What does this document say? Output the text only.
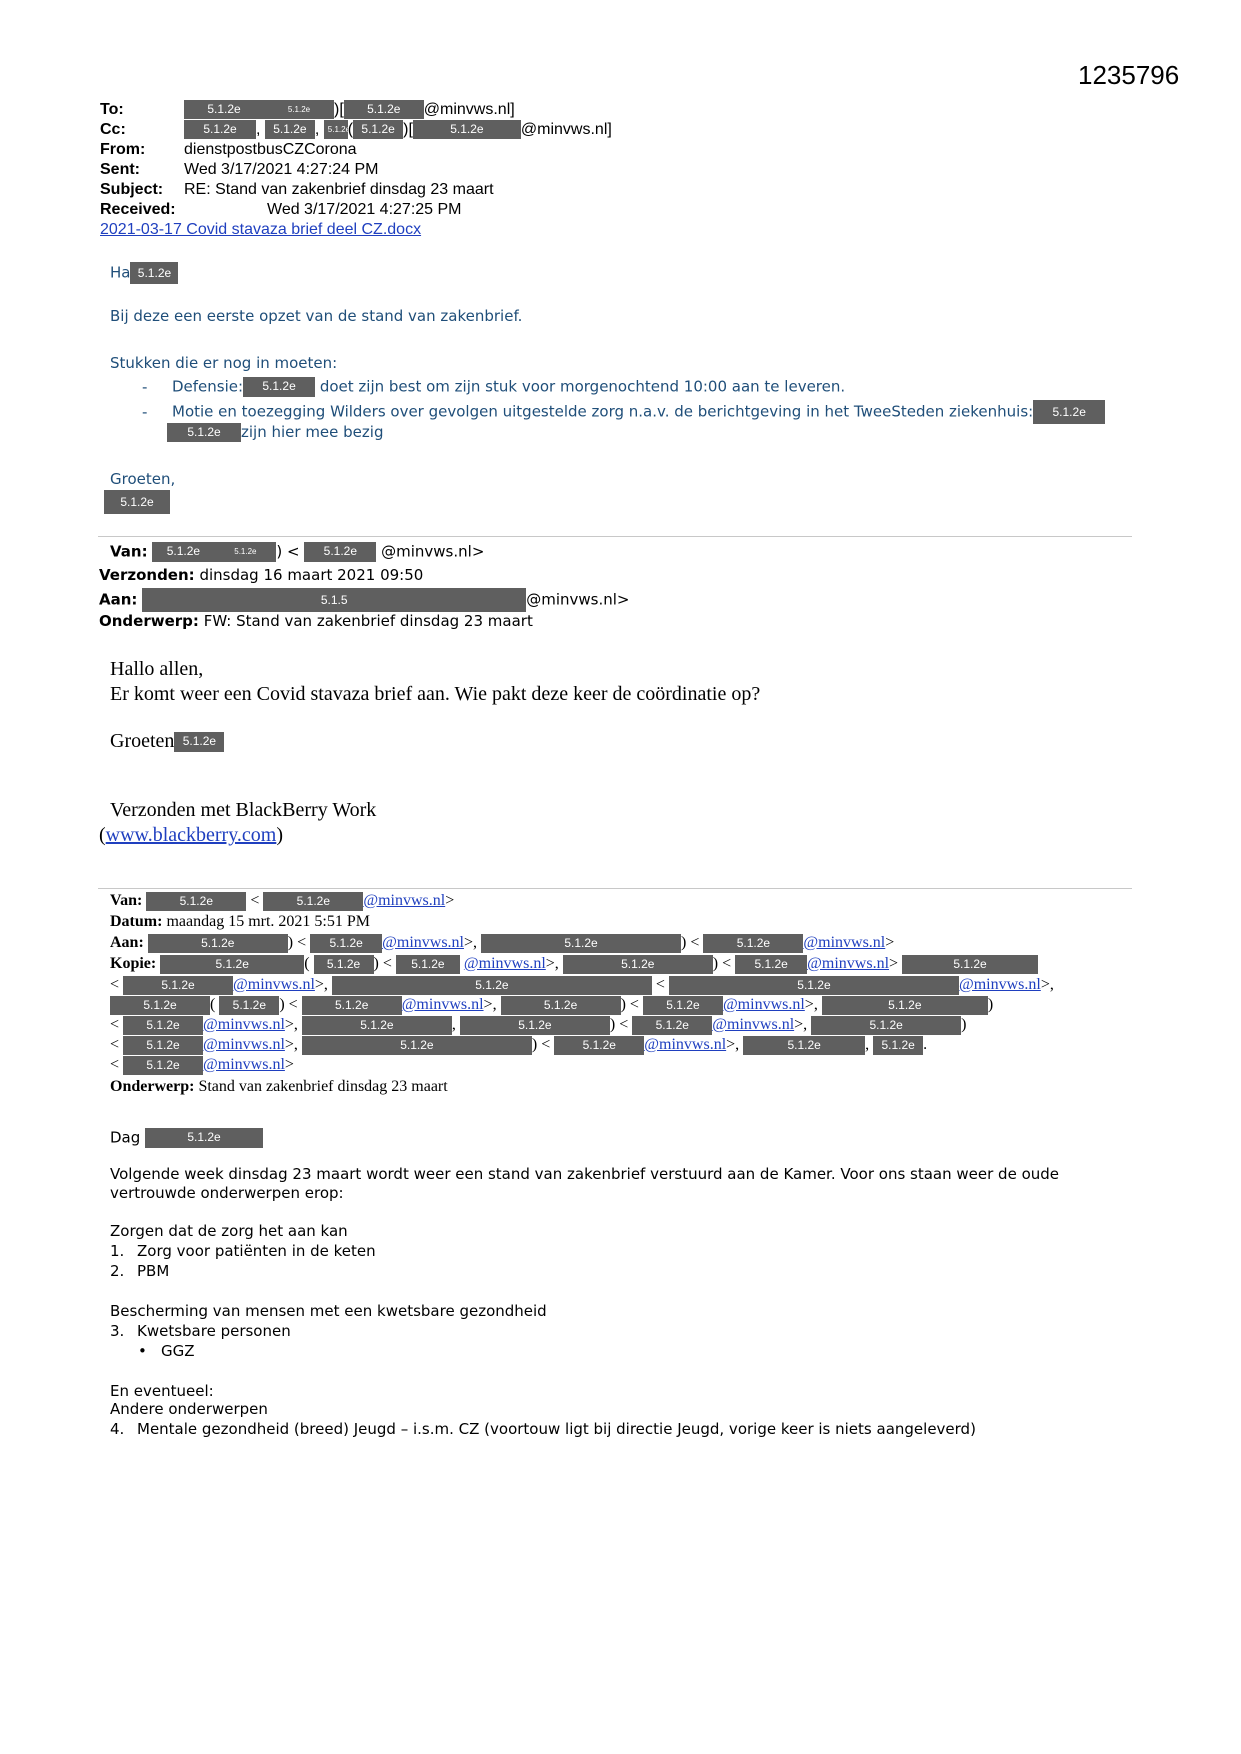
1235796
To:	5.1.2e	5.1.2e )[ 5.1.2e @minvws.nl]
Cc:	5.1.2e , 5.1.2e , 5.1.2e( 5.1.2e )[	5.1.2e @minvws.nl]
From: dienstpostbusCZCorona
Sent:	Wed 3/17/2021 4:27:24 PM
Subject: RE: Stand van zakenbrief dinsdag 23 maart
Received:	Wed 3/17/2021 4:27:25 PM
2021-03-17 Covid stavaza brief deel CZ.docx
Ha 5.1.2e
Bij deze een eerste opzet van de stand van zakenbrief.
Stukken die er nog in moeten:
- Defensie: 5.1.2e doet zijn best om zijn stuk voor morgenochtend 10:00 aan te leveren.
- Motie en toezegging Wilders over gevolgen uitgestelde zorg n.a.v. de berichtgeving in het TweeSteden ziekenhuis: 5.1.2e
5.1.2e zijn hier mee bezig
Groeten,
5.1.2e
Van: 5.1.2e	5.1.2e ) < 5.1.2e @minvws.nl>
Verzonden: dinsdag 16 maart 2021 09:50
Aan:	5.1.5	@minvws.nl>
Onderwerp: FW: Stand van zakenbrief dinsdag 23 maart
Hallo allen,
Er komt weer een Covid stavaza brief aan. Wie pakt deze keer de coördinatie op?
Groeten 5.1.2e
Verzonden met BlackBerry Work
(www.blackberry.com)
Van:	5.1.2e <	5.1.2e @minvws.nl>
Datum: maandag 15 mrt. 2021 5:51 PM
Aan:	5.1.2e	) < 5.1.2e @minvws.nl>,	5.1.2e	) <	5.1.2e @minvws.nl>
Kopie:	5.1.2e	( 5.1.2e ) < 5.1.2e @minvws.nl>,	5.1.2e	) < 5.1.2e @minvws.nl>	5.1.2e
<	5.1.2e @minvws.nl>,	5.1.2e	<	5.1.2e	@minvws.nl>,
5.1.2e ( 5.1.2e ) <	5.1.2e @minvws.nl>,	5.1.2e	) < 5.1.2e @minvws.nl>,	5.1.2e	)
< 5.1.2e @minvws.nl>,	5.1.2e	,	5.1.2e	) < 5.1.2e @minvws.nl>,	5.1.2e	)
< 5.1.2e @minvws.nl>,	5.1.2e	) < 5.1.2e @minvws.nl>,	5.1.2e	, 5.1.2e .
< 5.1.2e @minvws.nl>
Onderwerp: Stand van zakenbrief dinsdag 23 maart
Dag	5.1.2e
Volgende week dinsdag 23 maart wordt weer een stand van zakenbrief verstuurd aan de Kamer. Voor ons staan weer de oude vertrouwde onderwerpen erop:
Zorgen dat de zorg het aan kan
1. Zorg voor patiënten in de keten
2. PBM
Bescherming van mensen met een kwetsbare gezondheid
3. Kwetsbare personen
• GGZ
En eventueel:
Andere onderwerpen
4. Mentale gezondheid (breed) Jeugd – i.s.m. CZ (voortouw ligt bij directie Jeugd, vorige keer is niets aangeleverd)
